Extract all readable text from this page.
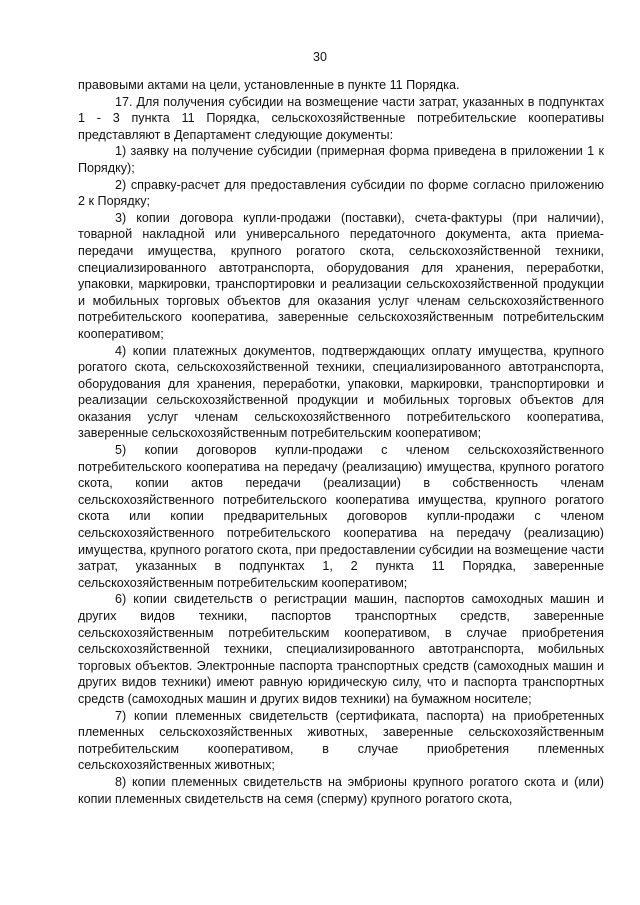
30

правовыми актами на цели, установленные в пункте 11 Порядка.

17. Для получения субсидии на возмещение части затрат, указанных в подпунктах 1 - 3 пункта 11 Порядка, сельскохозяйственные потребительские кооперативы представляют в Департамент следующие документы:

1) заявку на получение субсидии (примерная форма приведена в приложении 1 к Порядку);

2) справку-расчет для предоставления субсидии по форме согласно приложению 2 к Порядку;

3) копии договора купли-продажи (поставки), счета-фактуры (при наличии), товарной накладной или универсального передаточного документа, акта приема-передачи имущества, крупного рогатого скота, сельскохозяйственной техники, специализированного автотранспорта, оборудования для хранения, переработки, упаковки, маркировки, транспортировки и реализации сельскохозяйственной продукции и мобильных торговых объектов для оказания услуг членам сельскохозяйственного потребительского кооператива, заверенные сельскохозяйственным потребительским кооперативом;

4) копии платежных документов, подтверждающих оплату имущества, крупного рогатого скота, сельскохозяйственной техники, специализированного автотранспорта, оборудования для хранения, переработки, упаковки, маркировки, транспортировки и реализации сельскохозяйственной продукции и мобильных торговых объектов для оказания услуг членам сельскохозяйственного потребительского кооператива, заверенные сельскохозяйственным потребительским кооперативом;

5) копии договоров купли-продажи с членом сельскохозяйственного потребительского кооператива на передачу (реализацию) имущества, крупного рогатого скота, копии актов передачи (реализации) в собственность членам сельскохозяйственного потребительского кооператива имущества, крупного рогатого скота или копии предварительных договоров купли-продажи с членом сельскохозяйственного потребительского кооператива на передачу (реализацию) имущества, крупного рогатого скота, при предоставлении субсидии на возмещение части затрат, указанных в подпунктах 1, 2 пункта 11 Порядка, заверенные сельскохозяйственным потребительским кооперативом;

6) копии свидетельств о регистрации машин, паспортов самоходных машин и других видов техники, паспортов транспортных средств, заверенные сельскохозяйственным потребительским кооперативом, в случае приобретения сельскохозяйственной техники, специализированного автотранспорта, мобильных торговых объектов. Электронные паспорта транспортных средств (самоходных машин и других видов техники) имеют равную юридическую силу, что и паспорта транспортных средств (самоходных машин и других видов техники) на бумажном носителе;

7) копии племенных свидетельств (сертификата, паспорта) на приобретенных племенных сельскохозяйственных животных, заверенные сельскохозяйственным потребительским кооперативом, в случае приобретения племенных сельскохозяйственных животных;

8) копии племенных свидетельств на эмбрионы крупного рогатого скота и (или) копии племенных свидетельств на семя (сперму) крупного рогатого скота,
